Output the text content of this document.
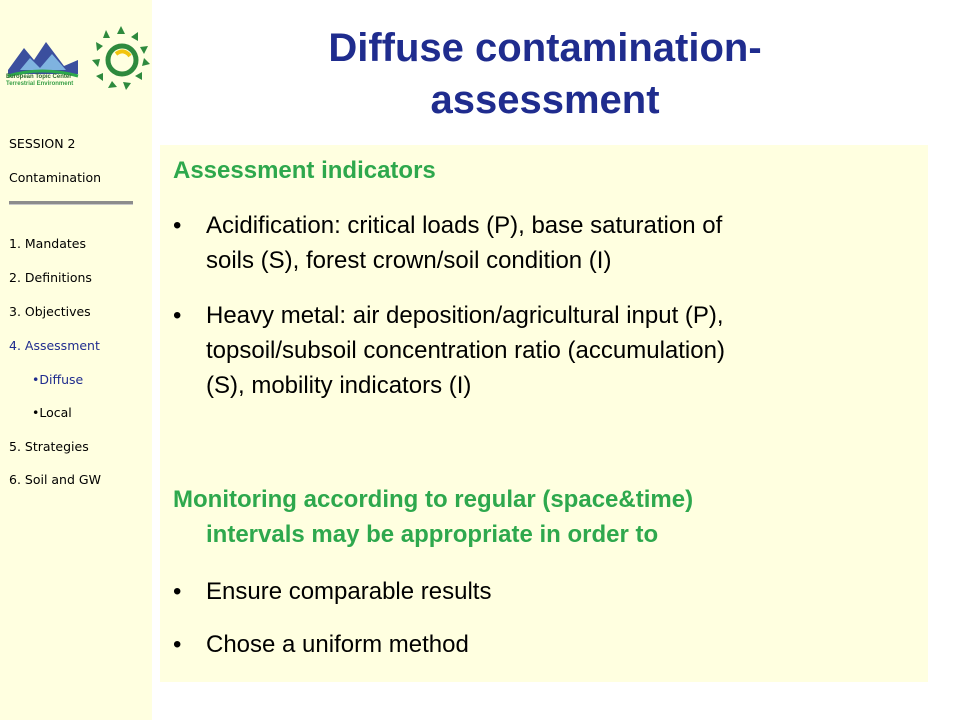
European Topic Center
Terrestrial Environment
SESSION 2
Contamination
1. Mandates
2. Definitions
3. Objectives
4. Assessment
•Diffuse
•Local
5. Strategies
6. Soil and GW
Diffuse contamination-
assessment
Assessment indicators
• Acidification: critical loads (P), base saturation of
soils (S), forest crown/soil condition (I)
• Heavy metal: air deposition/agricultural input (P),
topsoil/subsoil concentration ratio (accumulation)
(S), mobility indicators (I)
Monitoring according to regular (space&time)
intervals may be appropriate in order to
• Ensure comparable results
• Chose a uniform method
